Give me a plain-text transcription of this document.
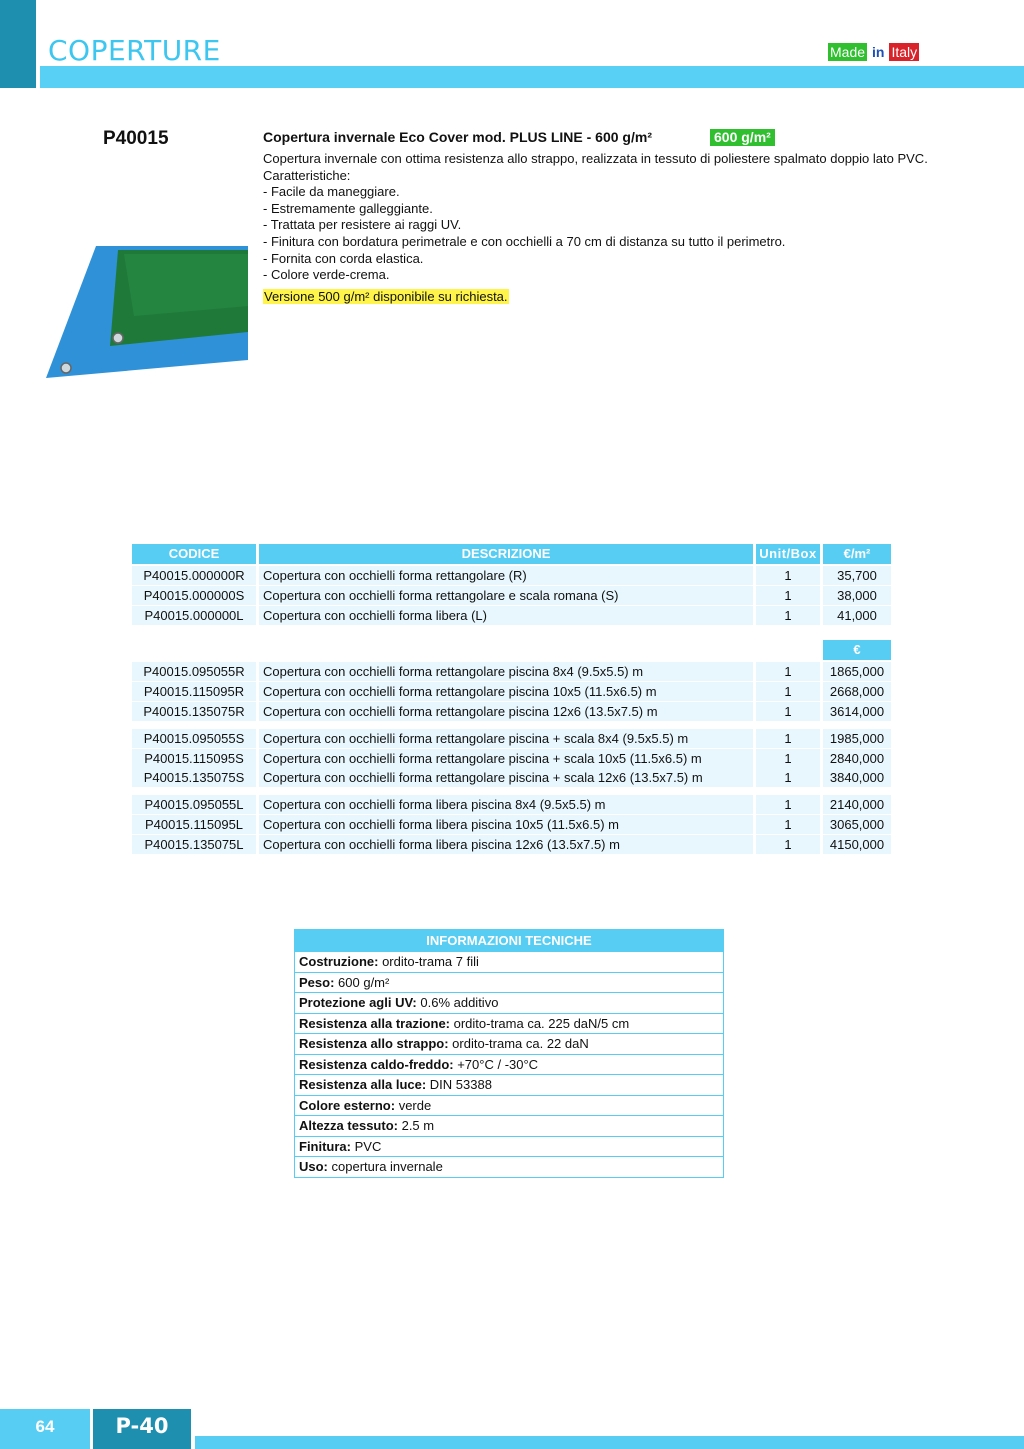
COPERTURE	Made in Italy
P40015	Copertura invernale Eco Cover mod. PLUS LINE - 600 g/m²	600 g/m²
Copertura invernale con ottima resistenza allo strappo, realizzata in tessuto di poliestere spalmato doppio lato PVC.
Caratteristiche:
- Facile da maneggiare.
- Estremamente galleggiante.
- Trattata per resistere ai raggi UV.
- Finitura con bordatura perimetrale e con occhielli a 70 cm di distanza su tutto il perimetro.
- Fornita con corda elastica.
- Colore verde-crema.
Versione 500 g/m² disponibile su richiesta.
CODICE	DESCRIZIONE	Unit/Box	€/m²
P40015.000000R	Copertura con occhielli forma rettangolare (R)	1	35,700
P40015.000000S	Copertura con occhielli forma rettangolare e scala romana (S)	1	38,000
P40015.000000L	Copertura con occhielli forma libera (L)	1	41,000
€
P40015.095055R	Copertura con occhielli forma rettangolare piscina 8x4 (9.5x5.5) m	1	1865,000
P40015.115095R	Copertura con occhielli forma rettangolare piscina 10x5 (11.5x6.5) m	1	2668,000
P40015.135075R	Copertura con occhielli forma rettangolare piscina 12x6 (13.5x7.5) m	1	3614,000
P40015.095055S	Copertura con occhielli forma rettangolare piscina + scala 8x4 (9.5x5.5) m	1	1985,000
P40015.115095S	Copertura con occhielli forma rettangolare piscina + scala 10x5 (11.5x6.5) m	1	2840,000
P40015.135075S	Copertura con occhielli forma rettangolare piscina + scala 12x6 (13.5x7.5) m	1	3840,000
P40015.095055L	Copertura con occhielli forma libera piscina 8x4 (9.5x5.5) m	1	2140,000
P40015.115095L	Copertura con occhielli forma libera piscina 10x5 (11.5x6.5) m	1	3065,000
P40015.135075L	Copertura con occhielli forma libera piscina 12x6 (13.5x7.5) m	1	4150,000
INFORMAZIONI TECNICHE
Costruzione: ordito-trama 7 fili
Peso: 600 g/m²
Protezione agli UV: 0.6% additivo
Resistenza alla trazione: ordito-trama ca. 225 daN/5 cm
Resistenza allo strappo: ordito-trama ca. 22 daN
Resistenza caldo-freddo: +70°C / -30°C
Resistenza alla luce: DIN 53388
Colore esterno: verde
Altezza tessuto: 2.5 m
Finitura: PVC
Uso: copertura invernale
64	P-40
